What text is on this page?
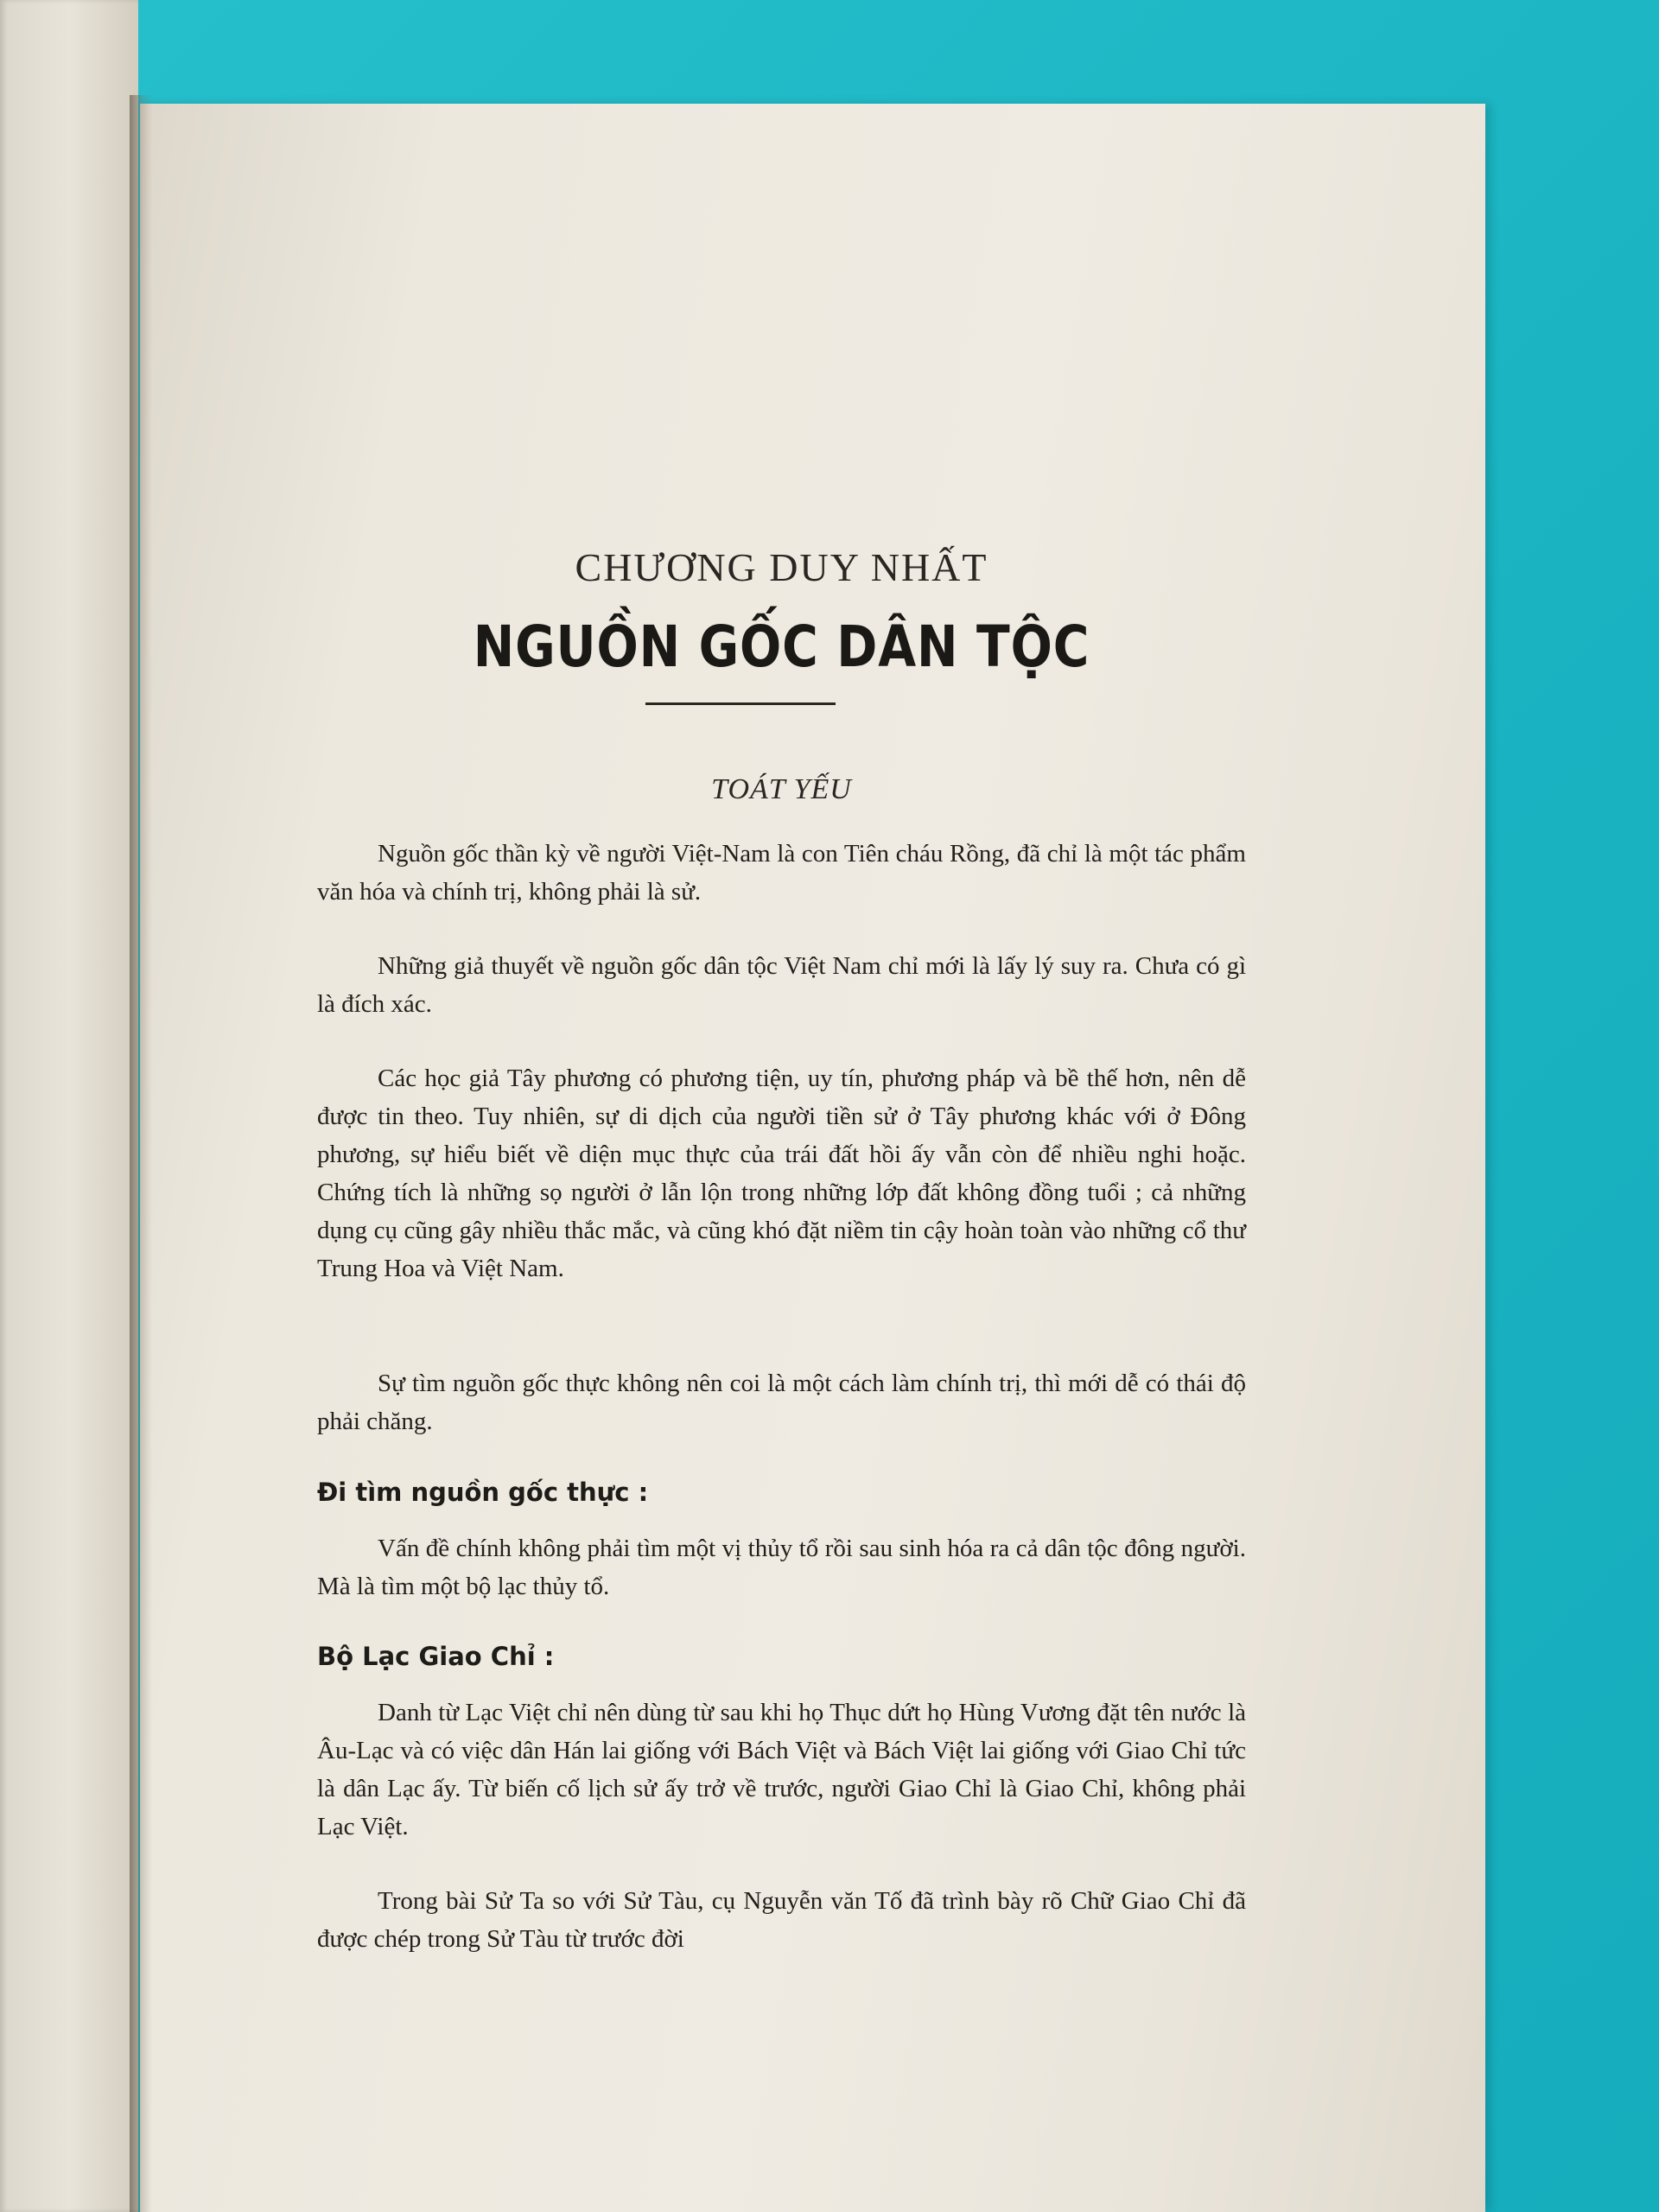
CHƯƠNG DUY NHẤT
NGUỒN GỐC DÂN TỘC
TOÁT YẾU

Nguồn gốc thần kỳ về người Việt-Nam là con Tiên cháu Rồng, đã chỉ là một tác phẩm văn hóa và chính trị, không phải là sử.

Những giả thuyết về nguồn gốc dân tộc Việt Nam chỉ mới là lấy lý suy ra. Chưa có gì là đích xác.

Các học giả Tây phương có phương tiện, uy tín, phương pháp và bề thế hơn, nên dễ được tin theo. Tuy nhiên, sự di dịch của người tiền sử ở Tây phương khác với ở Đông phương, sự hiểu biết về diện mục thực của trái đất hồi ấy vẫn còn để nhiều nghi hoặc. Chứng tích là những sọ người ở lẫn lộn trong những lớp đất không đồng tuổi ; cả những dụng cụ cũng gây nhiều thắc mắc, và cũng khó đặt niềm tin cậy hoàn toàn vào những cổ thư Trung Hoa và Việt Nam.

Sự tìm nguồn gốc thực không nên coi là một cách làm chính trị, thì mới dễ có thái độ phải chăng.

Đi tìm nguồn gốc thực :

Vấn đề chính không phải tìm một vị thủy tổ rồi sau sinh hóa ra cả dân tộc đông người. Mà là tìm một bộ lạc thủy tổ.

Bộ Lạc Giao Chỉ :

Danh từ Lạc Việt chỉ nên dùng từ sau khi họ Thục dứt họ Hùng Vương đặt tên nước là Âu-Lạc và có việc dân Hán lai giống với Bách Việt và Bách Việt lai giống với Giao Chỉ tức là dân Lạc ấy. Từ biến cố lịch sử ấy trở về trước, người Giao Chỉ là Giao Chỉ, không phải Lạc Việt.

Trong bài Sử Ta so với Sử Tàu, cụ Nguyễn văn Tố đã trình bày rõ Chữ Giao Chỉ đã được chép trong Sử Tàu từ trước đời
